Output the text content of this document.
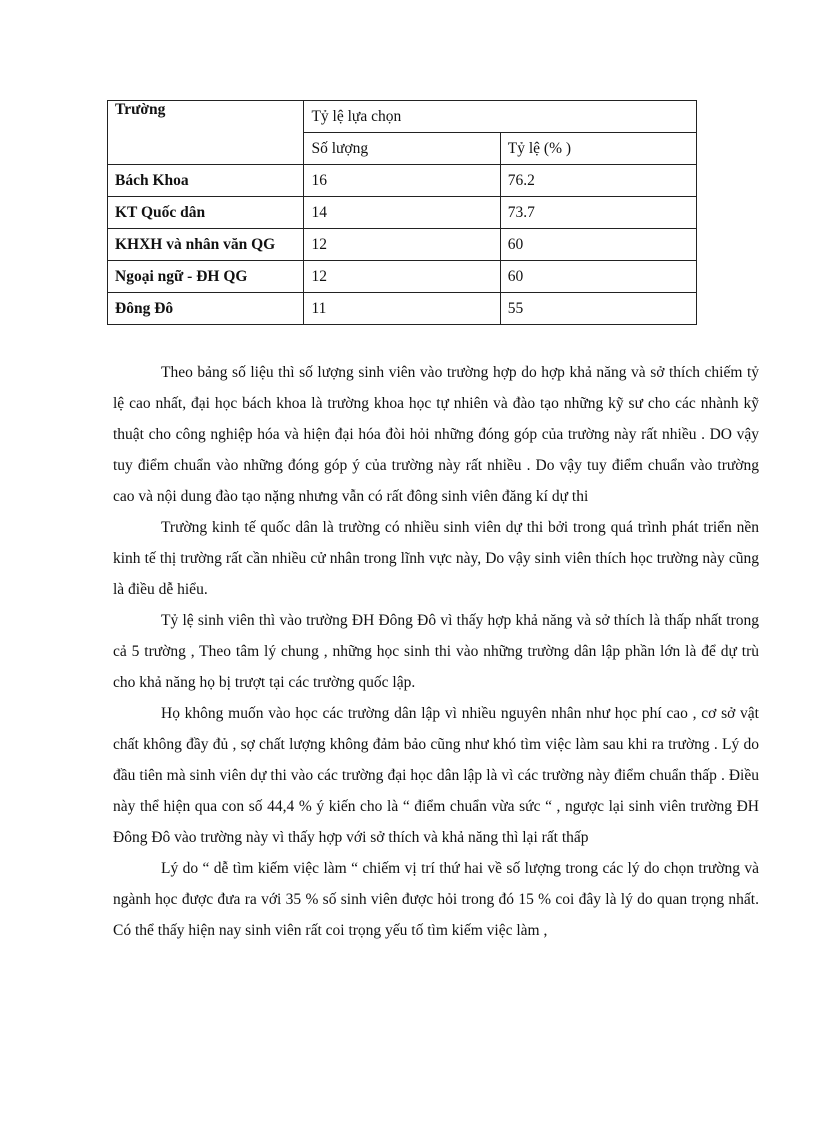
Trường	Tỷ lệ lựa chọn	
	Số lượng	Tỷ lệ (% )
Bách Khoa	16	76.2
KT Quốc dân	14	73.7
KHXH và nhân văn QG	12	60
Ngoại ngữ - ĐH QG	12	60
Đông Đô	11	55

Theo bảng số liệu thì số lượng sinh viên vào trường hợp do hợp khả năng và sở thích chiếm tỷ lệ cao nhất, đại học bách khoa là trường khoa học tự nhiên và đào tạo những kỹ sư cho các nhành kỹ thuật cho công nghiệp hóa và hiện đại hóa đòi hỏi những đóng góp của trường này rất nhiều . DO vậy tuy điểm chuẩn vào những đóng góp ý của trường này rất nhiều . Do vậy tuy điểm chuẩn vào trường cao và nội dung đào tạo nặng nhưng vẫn có rất đông sinh viên đăng kí dự thi

Trường kinh tế quốc dân là trường có nhiều sinh viên dự thi bởi trong quá trình phát triển nền kinh tế thị trường rất cần nhiều cử nhân trong lĩnh vực này, Do vậy sinh viên thích học trường này cũng là điều dễ hiểu.

Tỷ lệ sinh viên thì vào trường ĐH Đông Đô vì thấy hợp khả năng và sở thích là thấp nhất trong cả 5 trường , Theo tâm lý chung , những học sinh thi vào những trường dân lập phần lớn là để dự trù cho khả năng họ bị trượt tại các trường quốc lập.

Họ không muốn vào học các trường dân lập vì nhiều nguyên nhân như học phí cao , cơ sở vật chất không đầy đủ , sợ chất lượng không đảm bảo cũng như khó tìm việc làm sau khi ra trường . Lý do đầu tiên mà sinh viên dự thi vào các trường đại học dân lập là vì các trường này điểm chuẩn thấp . Điều này thể hiện qua con số 44,4 % ý kiến cho là “ điểm chuẩn vừa sức “ , ngược lại sinh viên trường ĐH Đông Đô vào trường này vì thấy hợp với sở thích và khả năng thì lại rất thấp

Lý do “ dễ tìm kiếm việc làm “ chiếm vị trí thứ hai về số lượng trong các lý do chọn trường và ngành học được đưa ra với 35 % số sinh viên được hỏi trong đó 15 % coi đây là lý do quan trọng nhất. Có thể thấy hiện nay sinh viên rất coi trọng yếu tố tìm kiếm việc làm ,
